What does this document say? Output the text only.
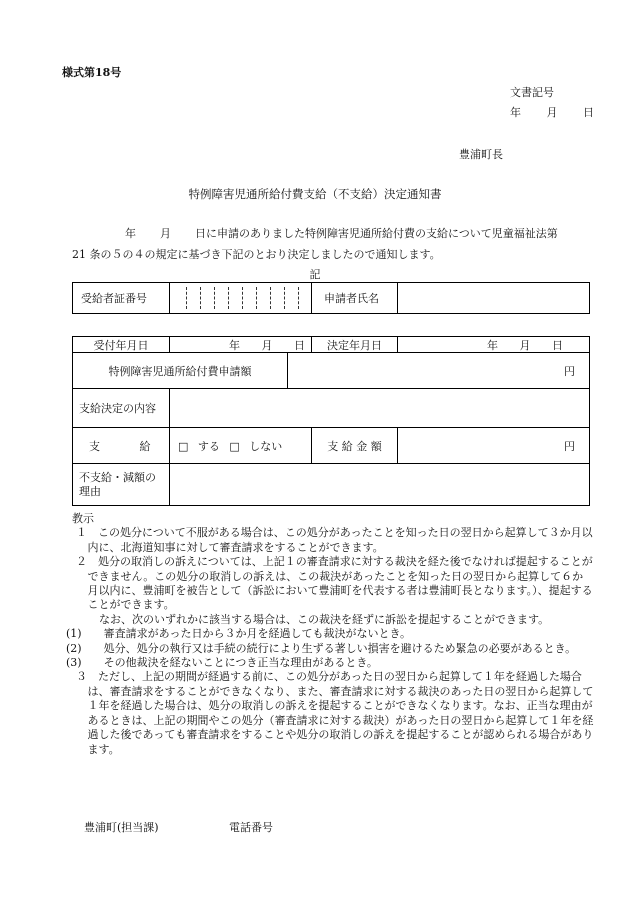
様式第18号
文書記号
年 月 日
豊浦町長
特例障害児通所給付費支給（不支給）決定通知書
年 月 日に申請のありました特例障害児通所給付費の支給について児童福祉法第
21 条の５の４の規定に基づき下記のとおり決定しましたので通知します。
記
受給者証番号	申請者氏名
受付年月日	年 月 日	決定年月日	年 月 日
特例障害児通所給付費申請額	円
支給決定の内容
支 給	□ する □ しない	支 給 金 額	円
不支給・減額の理由

教示

１　この処分について不服がある場合は、この処分があったことを知った日の翌日から起算して３か月以内に、北海道知事に対して審査請求をすることができます。

２　処分の取消しの訴えについては、上記１の審査請求に対する裁決を経た後でなければ提起することができません。この処分の取消しの訴えは、この裁決があったことを知った日の翌日から起算して６か月以内に、豊浦町を被告として（訴訟において豊浦町を代表する者は豊浦町長となります。）、提起することができます。

なお、次のいずれかに該当する場合は、この裁決を経ずに訴訟を提起することができます。

(1)　　審査請求があった日から３か月を経過しても裁決がないとき。

(2)　　処分、処分の執行又は手続の続行により生ずる著しい損害を避けるため緊急の必要があるとき。

(3)　　その他裁決を経ないことにつき正当な理由があるとき。

３　ただし、上記の期間が経過する前に、この処分があった日の翌日から起算して１年を経過した場合は、審査請求をすることができなくなり、また、審査請求に対する裁決のあった日の翌日から起算して１年を経過した場合は、処分の取消しの訴えを提起することができなくなります。なお、正当な理由があるときは、上記の期間やこの処分（審査請求に対する裁決）があった日の翌日から起算して１年を経過した後であっても審査請求をすることや処分の取消しの訴えを提起することが認められる場合があります。

豊浦町(担当課)	電話番号
